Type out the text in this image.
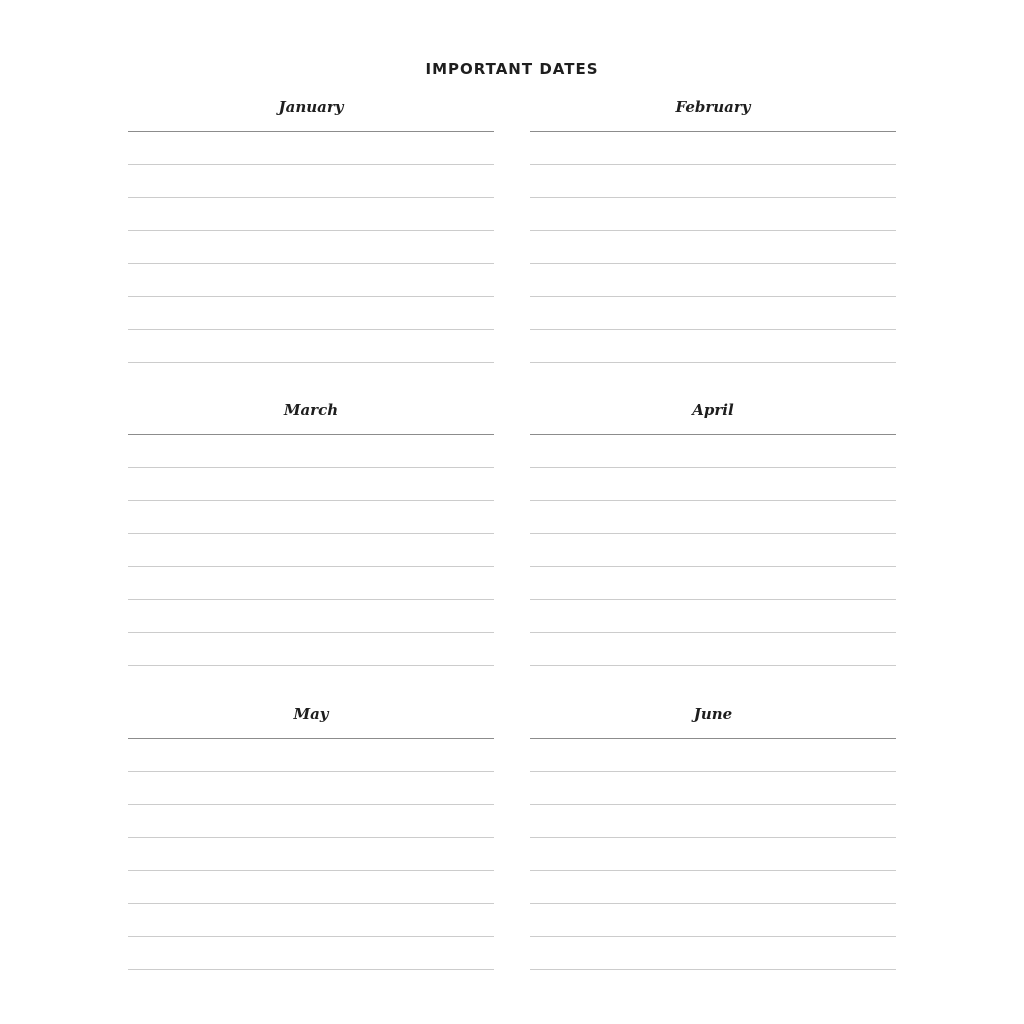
IMPORTANT DATES
January	February
March	April
May	June
